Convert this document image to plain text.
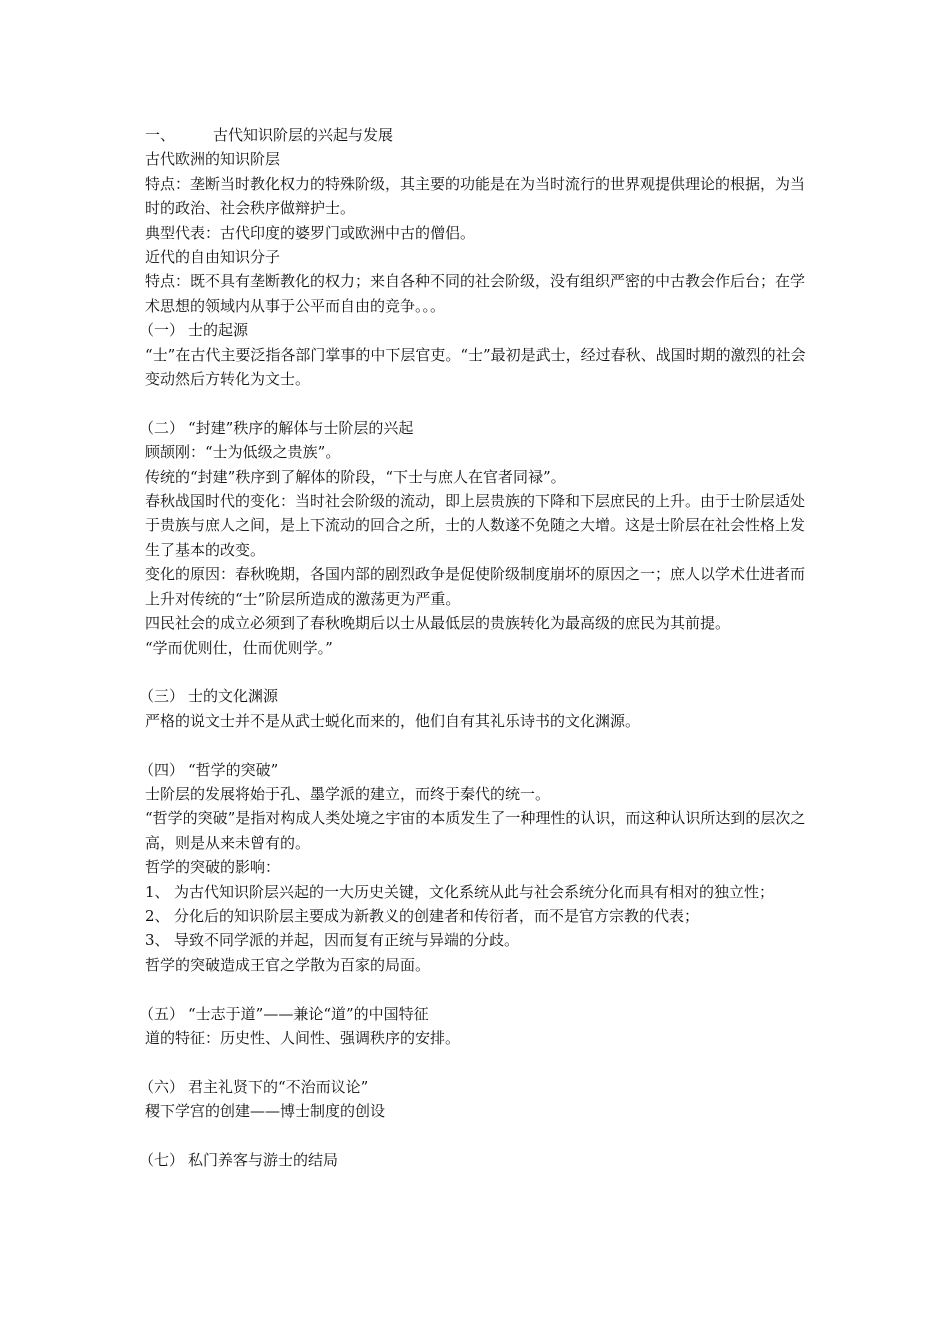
一、	古代知识阶层的兴起与发展

古代欧洲的知识阶层

特点：垄断当时教化权力的特殊阶级，其主要的功能是在为当时流行的世界观提供理论的根据，为当时的政治、社会秩序做辩护士。

典型代表：古代印度的婆罗门或欧洲中古的僧侣。

近代的自由知识分子

特点：既不具有垄断教化的权力；来自各种不同的社会阶级，没有组织严密的中古教会作后台；在学术思想的领域内从事于公平而自由的竞争。。。

（一） 士的起源

“士”在古代主要泛指各部门掌事的中下层官吏。“士”最初是武士，经过春秋、战国时期的激烈的社会变动然后方转化为文士。

（二） “封建”秩序的解体与士阶层的兴起

顾颉刚：“士为低级之贵族”。

传统的“封建”秩序到了解体的阶段，“下士与庶人在官者同禄”。

春秋战国时代的变化：当时社会阶级的流动，即上层贵族的下降和下层庶民的上升。由于士阶层适处于贵族与庶人之间，是上下流动的回合之所，士的人数遂不免随之大增。这是士阶层在社会性格上发生了基本的改变。

变化的原因：春秋晚期，各国内部的剧烈政争是促使阶级制度崩坏的原因之一；庶人以学术仕进者而上升对传统的“士”阶层所造成的激荡更为严重。

四民社会的成立必须到了春秋晚期后以士从最低层的贵族转化为最高级的庶民为其前提。

“学而优则仕，仕而优则学。”

（三） 士的文化渊源

严格的说文士并不是从武士蜕化而来的，他们自有其礼乐诗书的文化渊源。

（四） “哲学的突破”

士阶层的发展将始于孔、墨学派的建立，而终于秦代的统一。

“哲学的突破”是指对构成人类处境之宇宙的本质发生了一种理性的认识，而这种认识所达到的层次之高，则是从来未曾有的。

哲学的突破的影响：

1、 为古代知识阶层兴起的一大历史关键，文化系统从此与社会系统分化而具有相对的独立性；

2、 分化后的知识阶层主要成为新教义的创建者和传衍者，而不是官方宗教的代表；

3、 导致不同学派的并起，因而复有正统与异端的分歧。

哲学的突破造成王官之学散为百家的局面。

（五） “士志于道”——兼论“道”的中国特征

道的特征：历史性、人间性、强调秩序的安排。

（六） 君主礼贤下的“不治而议论”

稷下学宫的创建——博士制度的创设

（七） 私门养客与游士的结局
